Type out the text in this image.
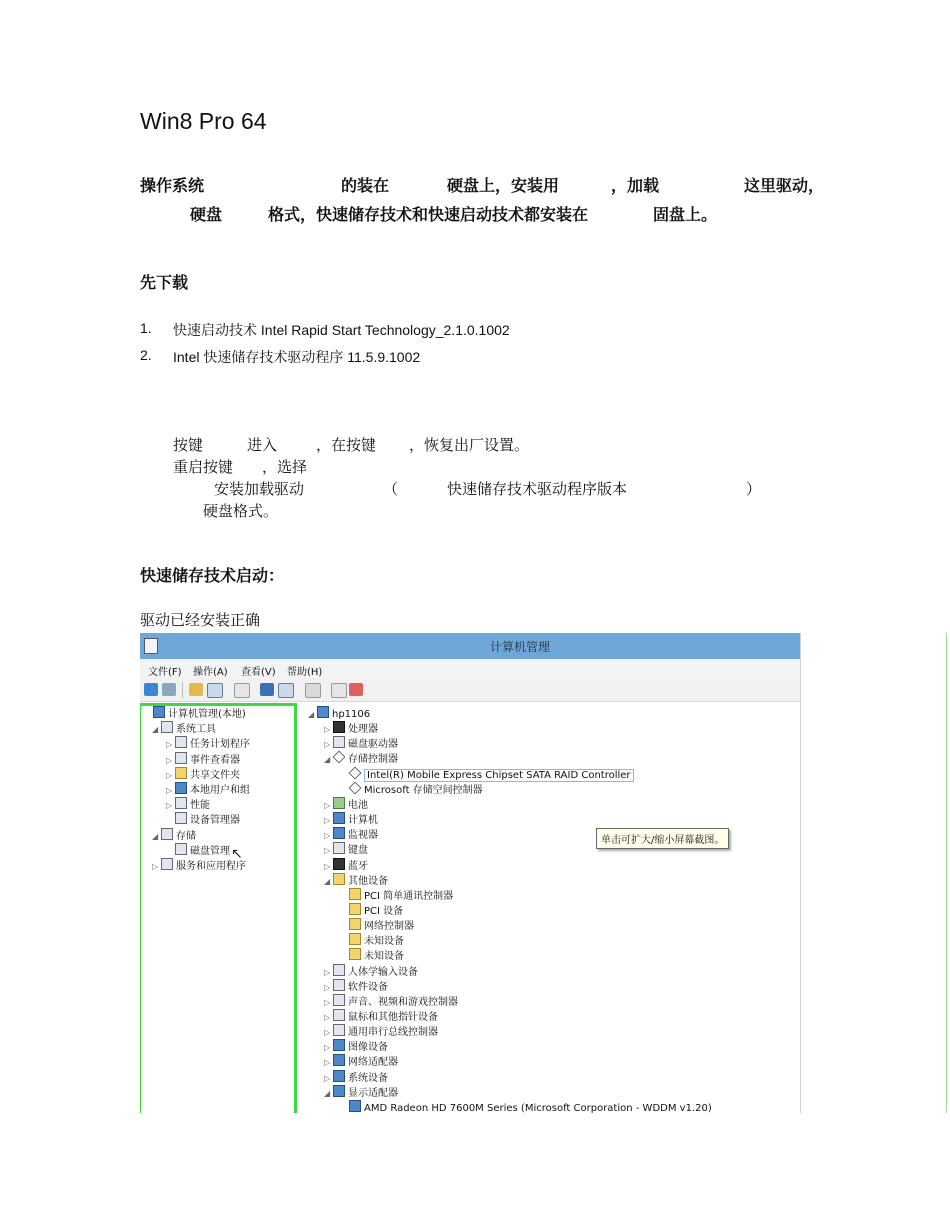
Win8 Pro 64
操作系统	的装在	硬盘上，安装用	，加载	这里驱动，
硬盘	格式，快速储存技术和快速启动技术都安装在	固盘上。
先下载
1. 快速启动技术 Intel Rapid Start Technology_2.1.0.1002
2. Intel 快速储存技术驱动程序 11.5.9.1002
按键	进入	，在按键 ，恢复出厂设置。
重启按键 ，选择
安装加载驱动	（	快速储存技术驱动程序版本	）
硬盘格式。
快速储存技术启动：
驱动已经安装正确
计算机管理
文件(F) 操作(A) 查看(V) 帮助(H)
计算机管理(本地)
◢ 系统工具
▷ 任务计划程序
▷ 事件查看器
▷ 共享文件夹
▷ 本地用户和组
▷ 性能
设备管理器
◢ 存储
磁盘管理
▷ 服务和应用程序
◢ hp1106
▷ 处理器
▷ 磁盘驱动器
◢ 存储控制器
Intel(R) Mobile Express Chipset SATA RAID Controller
Microsoft 存储空间控制器
▷ 电池
▷ 计算机
▷ 监视器
▷ 键盘
▷ 蓝牙
◢ 其他设备
PCI 简单通讯控制器
PCI 设备
网络控制器
未知设备
未知设备
▷ 人体学输入设备
▷ 软件设备
▷ 声音、视频和游戏控制器
▷ 鼠标和其他指针设备
▷ 通用串行总线控制器
▷ 图像设备
▷ 网络适配器
▷ 系统设备
◢ 显示适配器
AMD Radeon HD 7600M Series (Microsoft Corporation - WDDM v1.20)
单击可扩大/缩小屏幕截图。
↖
